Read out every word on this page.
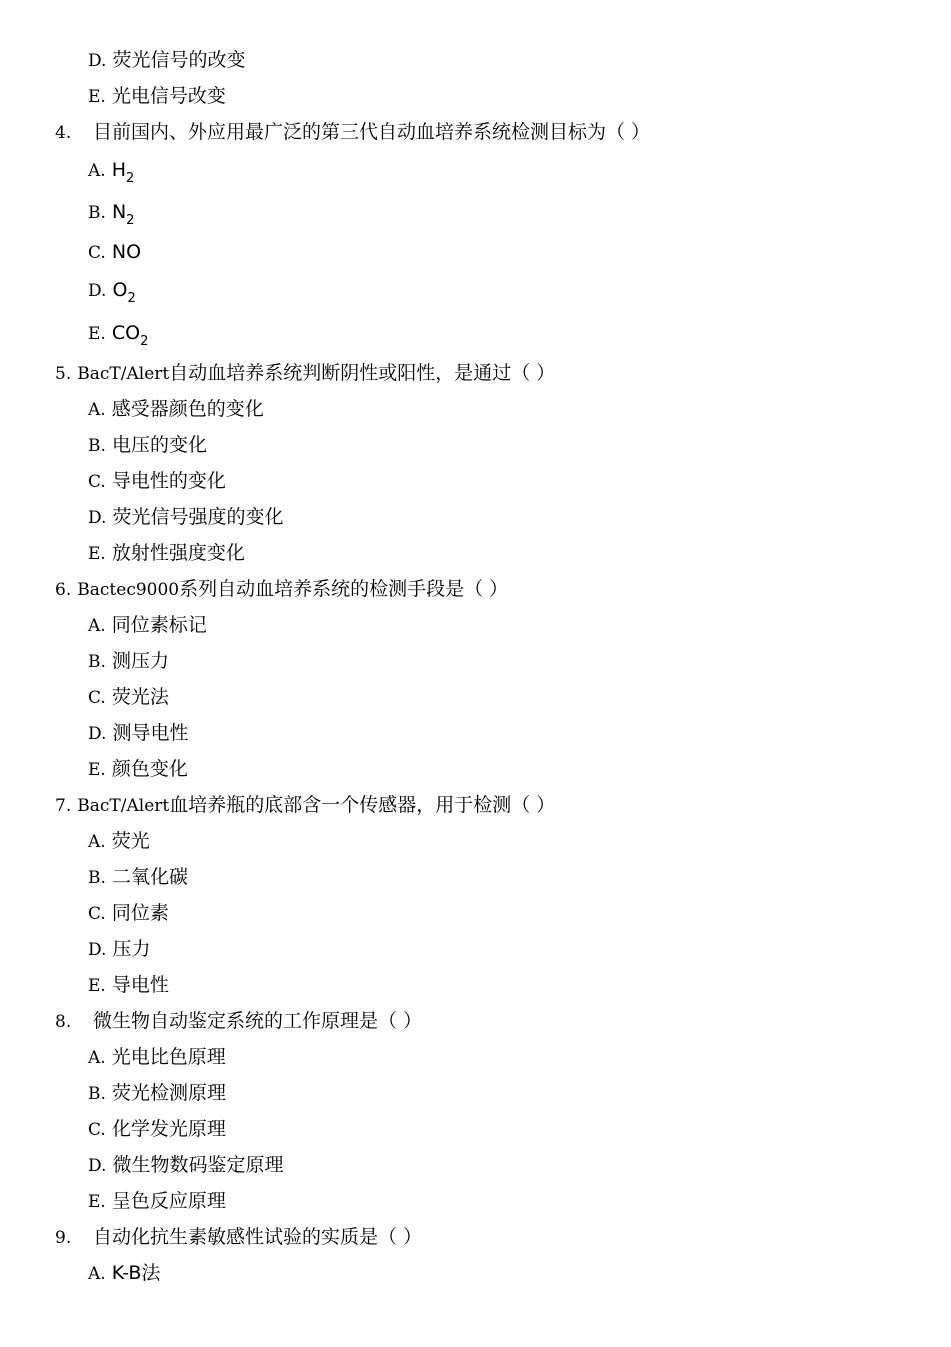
D. 荧光信号的改变
E. 光电信号改变
4. 目前国内、外应用最广泛的第三代自动血培养系统检测目标为（ ）
A. $H_2$
B. $N_2$
C. NO
D. $O_2$
E. $CO_2$
5. BacT/Alert自动血培养系统判断阴性或阳性，是通过（ ）
A. 感受器颜色的变化
B. 电压的变化
C. 导电性的变化
D. 荧光信号强度的变化
E. 放射性强度变化
6. Bactec9000系列自动血培养系统的检测手段是（ ）
A. 同位素标记
B. 测压力
C. 荧光法
D. 测导电性
E. 颜色变化
7. BacT/Alert血培养瓶的底部含一个传感器，用于检测（ ）
A. 荧光
B. 二氧化碳
C. 同位素
D. 压力
E. 导电性
8. 微生物自动鉴定系统的工作原理是（ ）
A. 光电比色原理
B. 荧光检测原理
C. 化学发光原理
D. 微生物数码鉴定原理
E. 呈色反应原理
9. 自动化抗生素敏感性试验的实质是（ ）
A. K-B法
